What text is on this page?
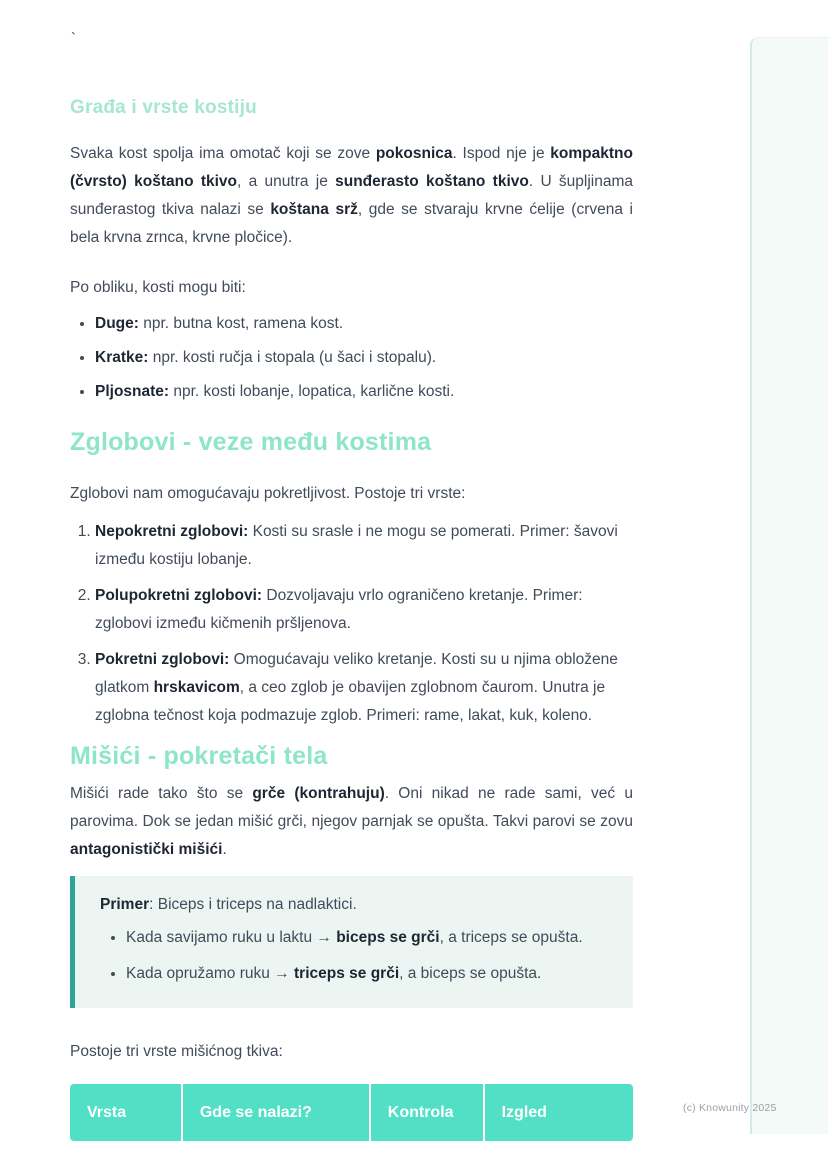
`
(c) Knowunity 2025
Građa i vrste kostiju

Svaka kost spolja ima omotač koji se zove pokosnica. Ispod nje je kompaktno (čvrsto) koštano tkivo, a unutra je sunđerasto koštano tkivo. U šupljinama sunđerastog tkiva nalazi se koštana srž, gde se stvaraju krvne ćelije (crvena i bela krvna zrnca, krvne pločice).

Po obliku, kosti mogu biti:

• Duge: npr. butna kost, ramena kost.
• Kratke: npr. kosti ručja i stopala (u šaci i stopalu).
• Pljosnate: npr. kosti lobanje, lopatica, karlične kosti.
Zglobovi - veze među kostima

Zglobovi nam omogućavaju pokretljivost. Postoje tri vrste:

1. Nepokretni zglobovi: Kosti su srasle i ne mogu se pomerati. Primer: šavovi između kostiju lobanje.
2. Polupokretni zglobovi: Dozvoljavaju vrlo ograničeno kretanje. Primer: zglobovi između kičmenih pršljenova.
3. Pokretni zglobovi: Omogućavaju veliko kretanje. Kosti su u njima obložene glatkom hrskavicom, a ceo zglob je obavijen zglobnom čaurom. Unutra je zglobna tečnost koja podmazuje zglob. Primeri: rame, lakat, kuk, koleno.
Mišići - pokretači tela

Mišići rade tako što se grče (kontrahuju). Oni nikad ne rade sami, već u parovima. Dok se jedan mišić grči, njegov parnjak se opušta. Takvi parovi se zovu antagonistički mišići.

Primer: Biceps i triceps na nadlaktici.

• Kada savijamo ruku u laktu → biceps se grči, a triceps se opušta.
• Kada opružamo ruku → triceps se grči, a biceps se opušta.

Postoje tri vrste mišićnog tkiva:

Vrsta	Gde se nalazi?	Kontrola	Izgled
